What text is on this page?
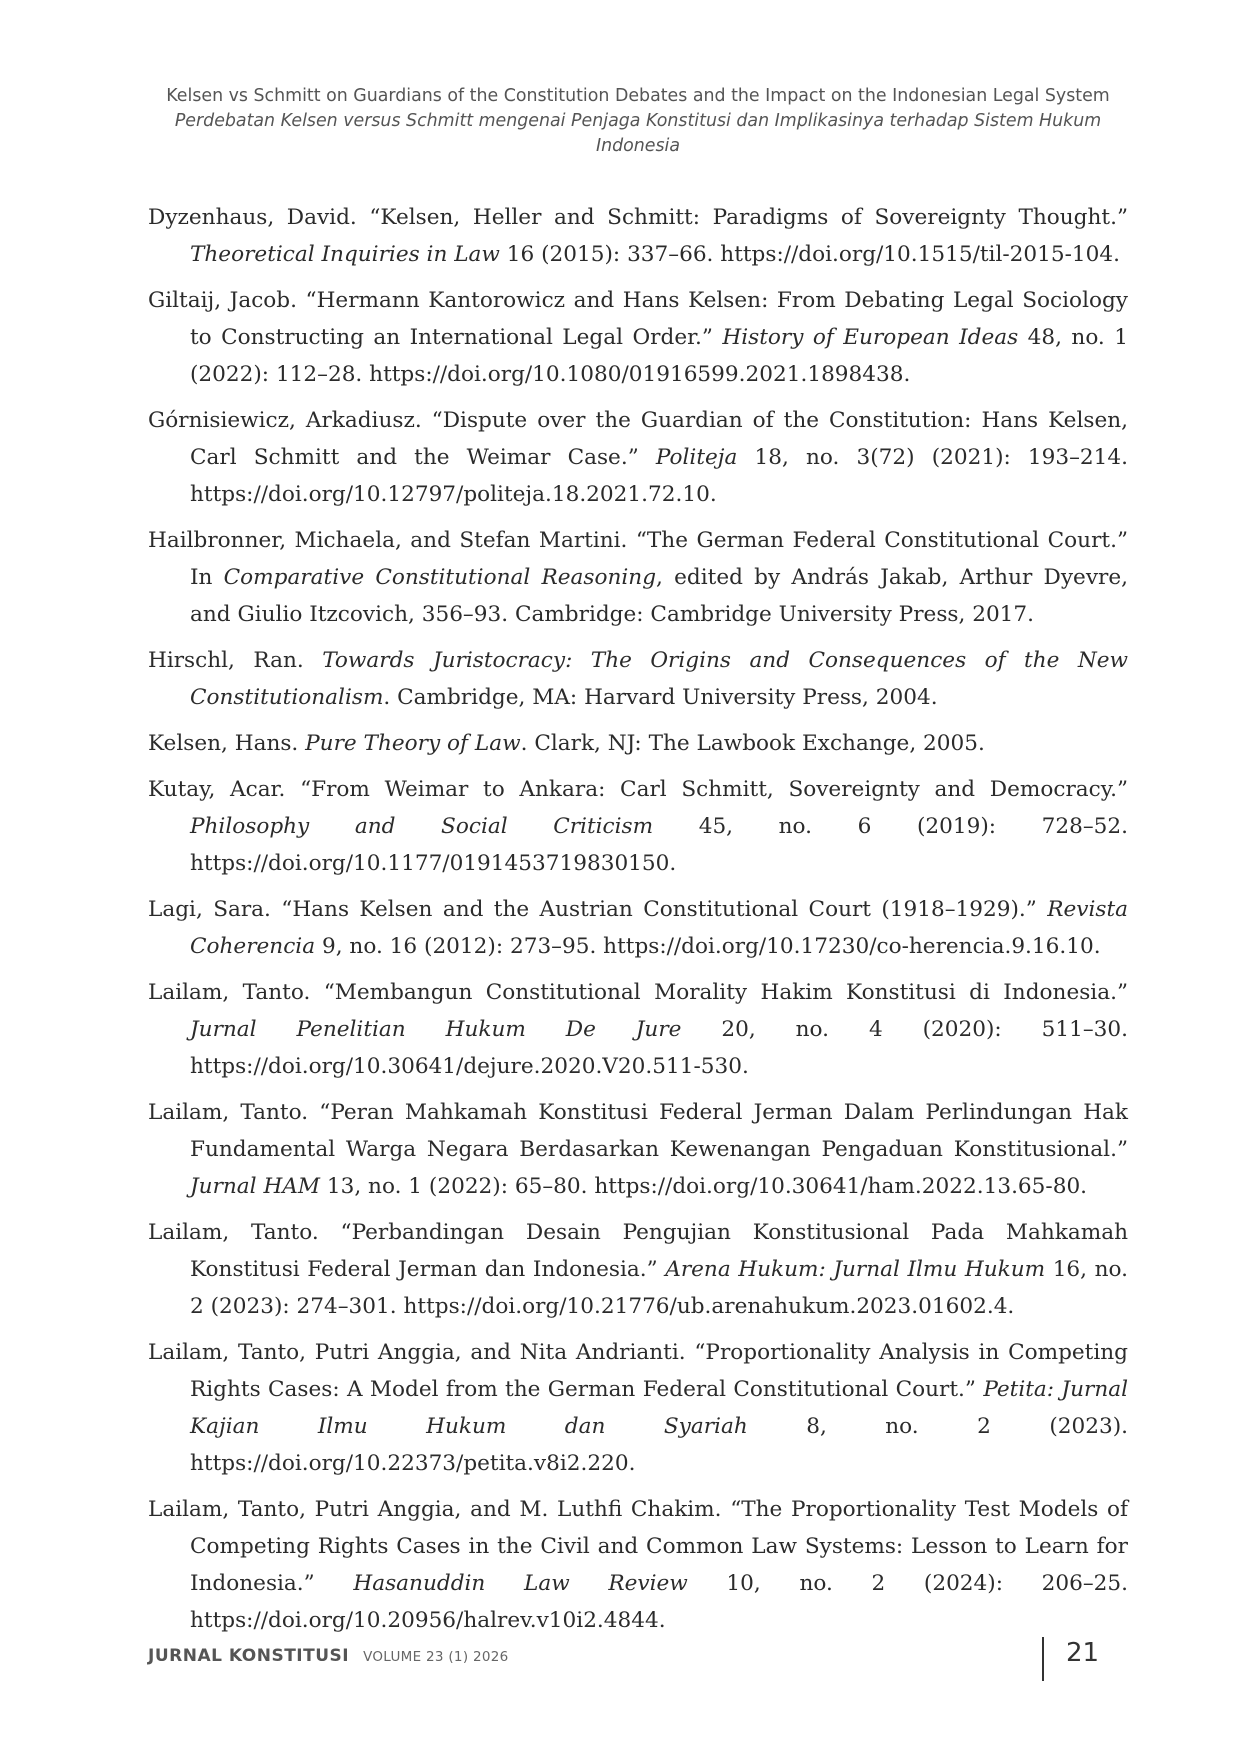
Kelsen vs Schmitt on Guardians of the Constitution Debates and the Impact on the Indonesian Legal System
Perdebatan Kelsen versus Schmitt mengenai Penjaga Konstitusi dan Implikasinya terhadap Sistem Hukum Indonesia
Dyzenhaus, David. “Kelsen, Heller and Schmitt: Paradigms of Sovereignty Thought.” Theoretical Inquiries in Law 16 (2015): 337–66. https://doi.org/10.1515/til-2015-104.
Giltaij, Jacob. “Hermann Kantorowicz and Hans Kelsen: From Debating Legal Sociology to Constructing an International Legal Order.” History of European Ideas 48, no. 1 (2022): 112–28. https://doi.org/10.1080/01916599.2021.1898438.
Górnisiewicz, Arkadiusz. “Dispute over the Guardian of the Constitution: Hans Kelsen, Carl Schmitt and the Weimar Case.” Politeja 18, no. 3(72) (2021): 193–214. https://doi.org/10.12797/politeja.18.2021.72.10.
Hailbronner, Michaela, and Stefan Martini. “The German Federal Constitutional Court.” In Comparative Constitutional Reasoning, edited by András Jakab, Arthur Dyevre, and Giulio Itzcovich, 356–93. Cambridge: Cambridge University Press, 2017.
Hirschl, Ran. Towards Juristocracy: The Origins and Consequences of the New Constitutionalism. Cambridge, MA: Harvard University Press, 2004.
Kelsen, Hans. Pure Theory of Law. Clark, NJ: The Lawbook Exchange, 2005.
Kutay, Acar. “From Weimar to Ankara: Carl Schmitt, Sovereignty and Democracy.” Philosophy and Social Criticism 45, no. 6 (2019): 728–52. https://doi.org/10.1177/0191453719830150.
Lagi, Sara. “Hans Kelsen and the Austrian Constitutional Court (1918–1929).” Revista Coherencia 9, no. 16 (2012): 273–95. https://doi.org/10.17230/co-herencia.9.16.10.
Lailam, Tanto. “Membangun Constitutional Morality Hakim Konstitusi di Indonesia.” Jurnal Penelitian Hukum De Jure 20, no. 4 (2020): 511–30. https://doi.org/10.30641/dejure.2020.V20.511-530.
Lailam, Tanto. “Peran Mahkamah Konstitusi Federal Jerman Dalam Perlindungan Hak Fundamental Warga Negara Berdasarkan Kewenangan Pengaduan Konstitusional.” Jurnal HAM 13, no. 1 (2022): 65–80. https://doi.org/10.30641/ham.2022.13.65-80.
Lailam, Tanto. “Perbandingan Desain Pengujian Konstitusional Pada Mahkamah Konstitusi Federal Jerman dan Indonesia.” Arena Hukum: Jurnal Ilmu Hukum 16, no. 2 (2023): 274–301. https://doi.org/10.21776/ub.arenahukum.2023.01602.4.
Lailam, Tanto, Putri Anggia, and Nita Andrianti. “Proportionality Analysis in Competing Rights Cases: A Model from the German Federal Constitutional Court.” Petita: Jurnal Kajian Ilmu Hukum dan Syariah 8, no. 2 (2023). https://doi.org/10.22373/petita.v8i2.220.
Lailam, Tanto, Putri Anggia, and M. Luthfi Chakim. “The Proportionality Test Models of Competing Rights Cases in the Civil and Common Law Systems: Lesson to Learn for Indonesia.” Hasanuddin Law Review 10, no. 2 (2024): 206–25. https://doi.org/10.20956/halrev.v10i2.4844.
JURNAL KONSTITUSI VOLUME 23 (1) 2026	21
